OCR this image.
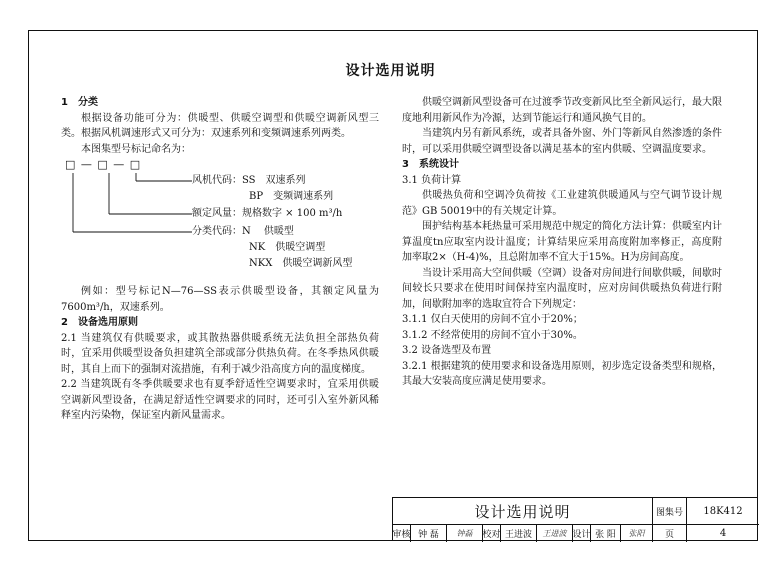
设计选用说明

1　分类

根据设备功能可分为：供暖型、供暖空调型和供暖空调新风型三类。根据风机调速形式又可分为：双速系列和变频调速系列两类。

本图集型号标记命名为：

□ — □ — □
风机代码：SS　双速系列
BP　变频调速系列
额定风量：规格数字 × 100 m³/h
分类代码：N　 供暖型
NK　供暖空调型
NKX　供暖空调新风型

例如：型号标记N—76—SS表示供暖型设备，其额定风量为7600m³/h，双速系列。

2　设备选用原则

2.1 当建筑仅有供暖要求，或其散热器供暖系统无法负担全部热负荷时，宜采用供暖型设备负担建筑全部或部分供热负荷。在冬季热风供暖时，其自上而下的强制对流措施，有利于减少沿高度方向的温度梯度。

2.2 当建筑既有冬季供暖要求也有夏季舒适性空调要求时，宜采用供暖空调新风型设备，在满足舒适性空调要求的同时，还可引入室外新风稀释室内污染物，保证室内新风量需求。

供暖空调新风型设备可在过渡季节改变新风比至全新风运行，最大限度地利用新风作为冷源，达到节能运行和通风换气目的。

当建筑内另有新风系统，或者具备外窗、外门等新风自然渗透的条件时，可以采用供暖空调型设备以满足基本的室内供暖、空调温度要求。

3　系统设计

3.1 负荷计算

供暖热负荷和空调冷负荷按《工业建筑供暖通风与空气调节设计规范》GB 50019中的有关规定计算。

围护结构基本耗热量可采用规范中规定的简化方法计算：供暖室内计算温度tn应取室内设计温度；计算结果应采用高度附加率修正，高度附加率取2×（H-4)%，且总附加率不宜大于15%。H为房间高度。

当设计采用高大空间供暖（空调）设备对房间进行间歇供暖，间歇时间较长只要求在使用时间保持室内温度时，应对房间供暖热负荷进行附加，间歇附加率的选取宜符合下列规定：

3.1.1 仅白天使用的房间不宜小于20%；

3.1.2 不经常使用的房间不宜小于30%。

3.2 设备选型及布置

3.2.1 根据建筑的使用要求和设备选用原则，初步选定设备类型和规格，其最大安装高度应满足使用要求。

设计选用说明	图集号	18K412
审核 钟 磊	钟磊	校对 王进波	王进波 设计 张 阳	张阳	页	4
